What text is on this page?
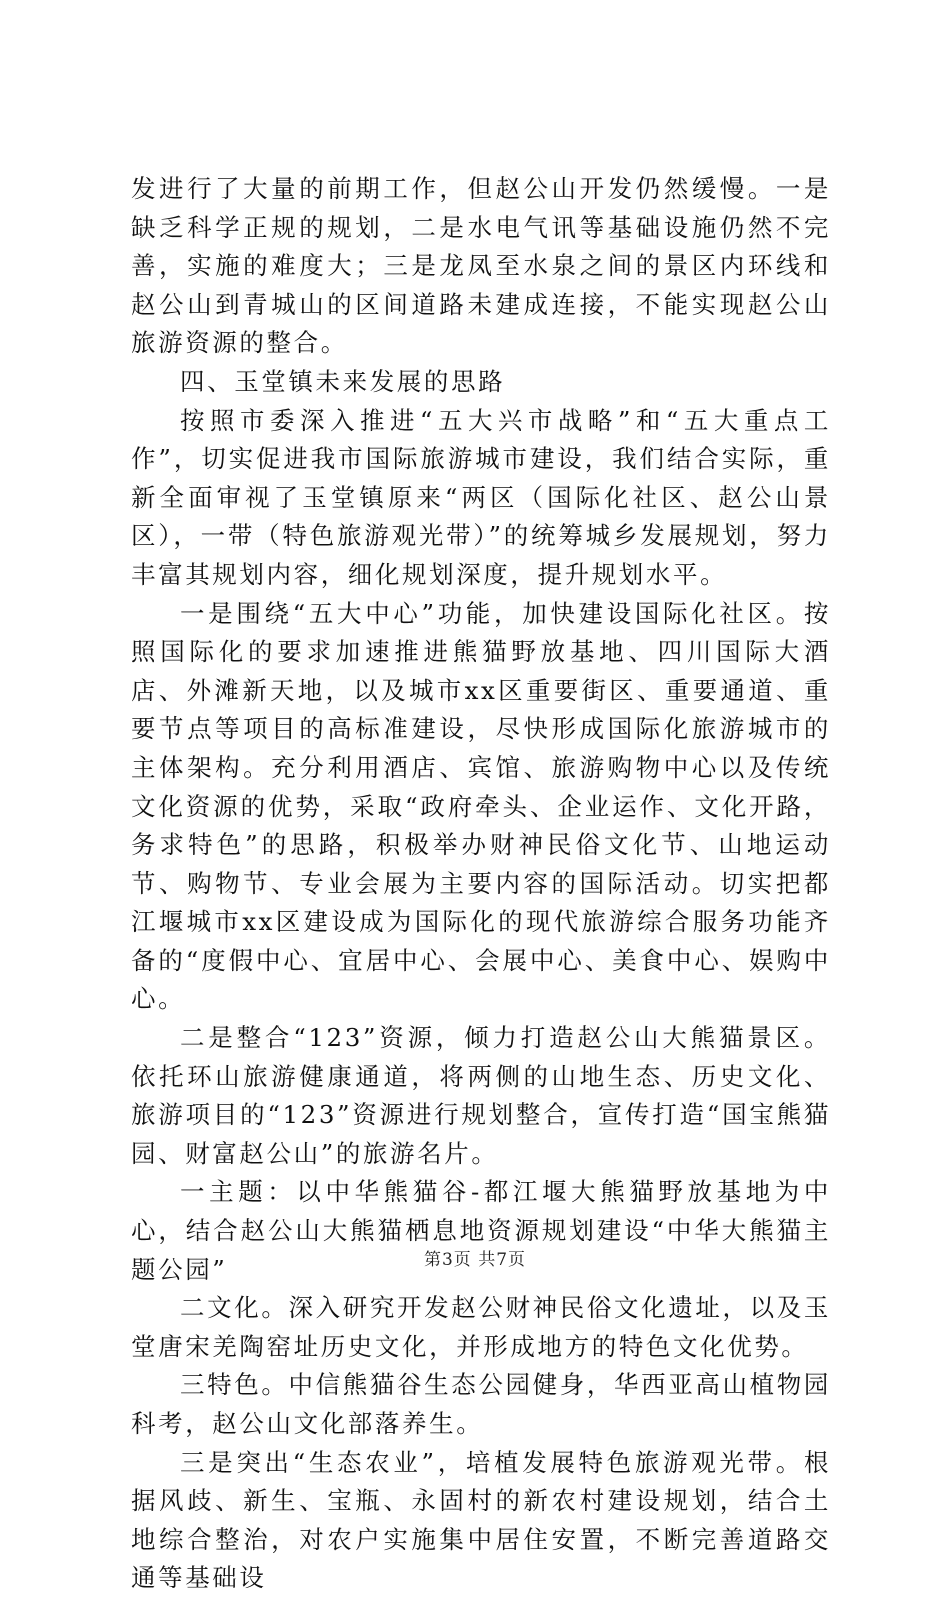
发进行了大量的前期工作，但赵公山开发仍然缓慢。一是缺乏科学正规的规划，二是水电气讯等基础设施仍然不完善，实施的难度大；三是龙凤至水泉之间的景区内环线和赵公山到青城山的区间道路未建成连接，不能实现赵公山旅游资源的整合。

四、玉堂镇未来发展的思路

按照市委深入推进“五大兴市战略”和“五大重点工作”，切实促进我市国际旅游城市建设，我们结合实际，重新全面审视了玉堂镇原来“两区（国际化社区、赵公山景区），一带（特色旅游观光带）”的统筹城乡发展规划，努力丰富其规划内容，细化规划深度，提升规划水平。

一是围绕“五大中心”功能，加快建设国际化社区。按照国际化的要求加速推进熊猫野放基地、四川国际大酒店、外滩新天地，以及城市xx区重要街区、重要通道、重要节点等项目的高标准建设，尽快形成国际化旅游城市的主体架构。充分利用酒店、宾馆、旅游购物中心以及传统文化资源的优势，采取“政府牵头、企业运作、文化开路，务求特色”的思路，积极举办财神民俗文化节、山地运动节、购物节、专业会展为主要内容的国际活动。切实把都江堰城市xx区建设成为国际化的现代旅游综合服务功能齐备的“度假中心、宜居中心、会展中心、美食中心、娱购中心。

二是整合“123”资源，倾力打造赵公山大熊猫景区。依托环山旅游健康通道，将两侧的山地生态、历史文化、旅游项目的“123”资源进行规划整合，宣传打造“国宝熊猫园、财富赵公山”的旅游名片。

一主题：以中华熊猫谷-都江堰大熊猫野放基地为中心，结合赵公山大熊猫栖息地资源规划建设“中华大熊猫主题公园”

二文化。深入研究开发赵公财神民俗文化遗址，以及玉堂唐宋羌陶窑址历史文化，并形成地方的特色文化优势。

三特色。中信熊猫谷生态公园健身，华西亚高山植物园科考，赵公山文化部落养生。

三是突出“生态农业”，培植发展特色旅游观光带。根据风歧、新生、宝瓶、永固村的新农村建设规划，结合土地综合整治，对农户实施集中居住安置，不断完善道路交通等基础设

第3页 共7页
